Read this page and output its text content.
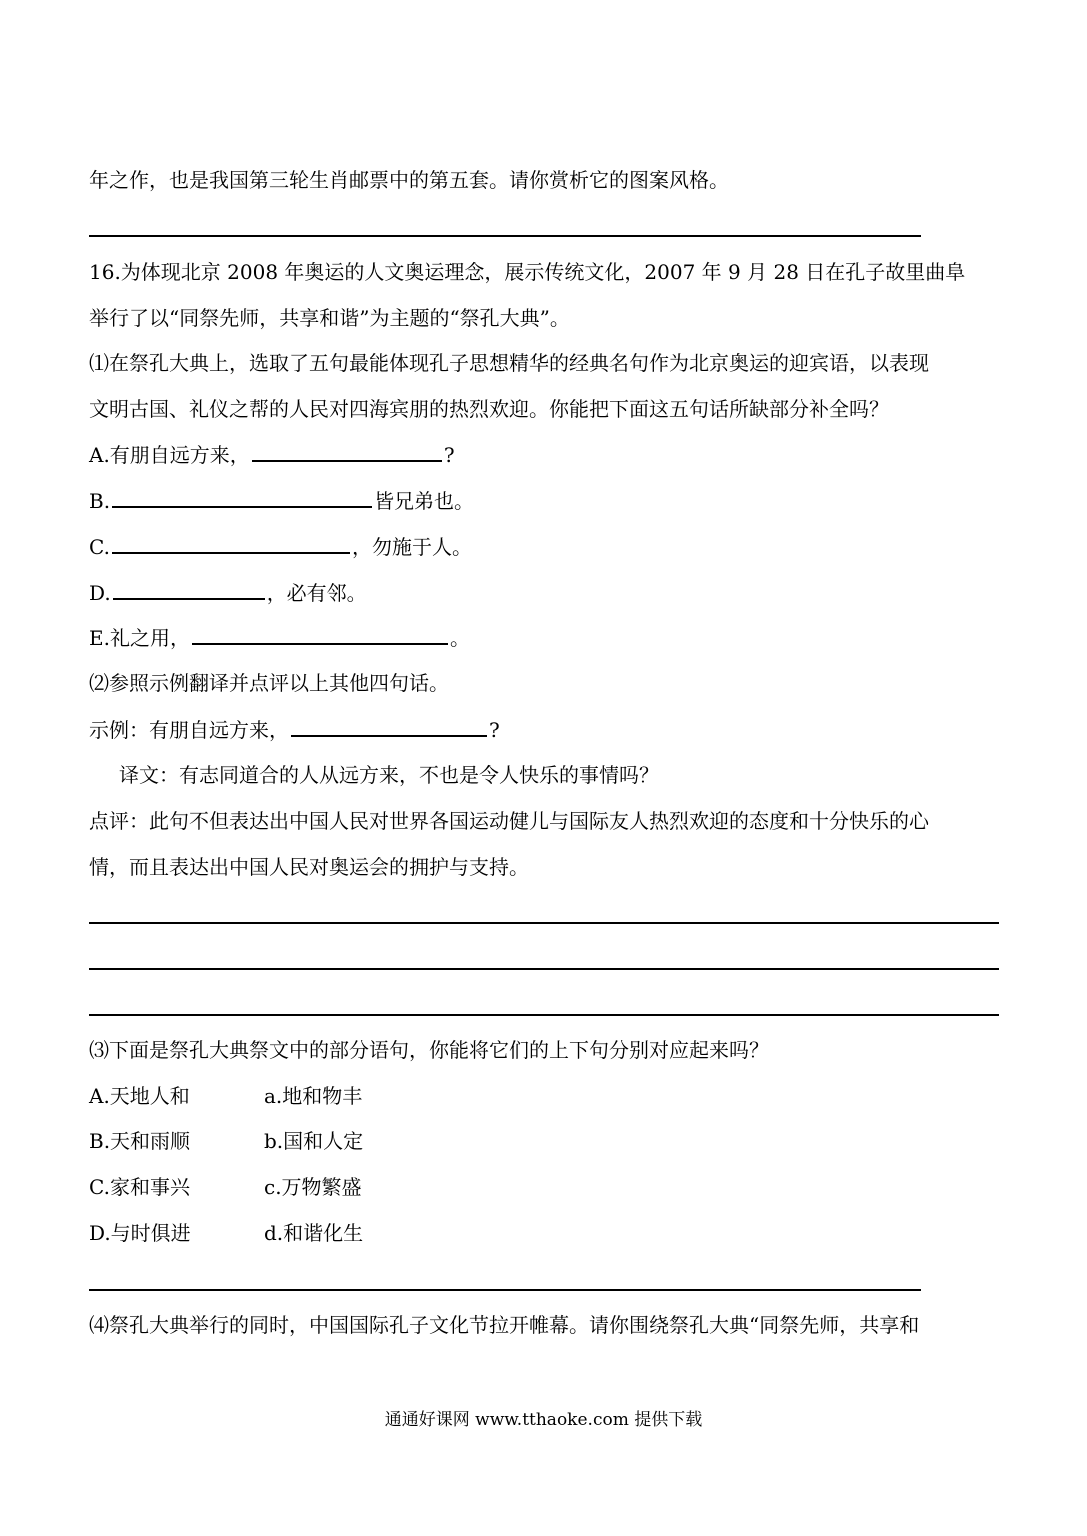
年之作，也是我国第三轮生肖邮票中的第五套。请你赏析它的图案风格。
16.为体现北京 2008 年奥运的人文奥运理念，展示传统文化，2007 年 9 月 28 日在孔子故里曲阜
举行了以“同祭先师，共享和谐”为主题的“祭孔大典”。
⑴在祭孔大典上，选取了五句最能体现孔子思想精华的经典名句作为北京奥运的迎宾语，以表现
文明古国、礼仪之帮的人民对四海宾朋的热烈欢迎。你能把下面这五句话所缺部分补全吗？
A.有朋自远方来，	?
B.	皆兄弟也。
C.	，勿施于人。
D.	，必有邻。
E.礼之用，	。
⑵参照示例翻译并点评以上其他四句话。
示例：有朋自远方来，	?
译文：有志同道合的人从远方来，不也是令人快乐的事情吗？
点评：此句不但表达出中国人民对世界各国运动健儿与国际友人热烈欢迎的态度和十分快乐的心
情，而且表达出中国人民对奥运会的拥护与支持。
⑶下面是祭孔大典祭文中的部分语句，你能将它们的上下句分别对应起来吗？
A.天地人和	a.地和物丰
B.天和雨顺	b.国和人定
C.家和事兴	c.万物繁盛
D.与时俱进	d.和谐化生
⑷祭孔大典举行的同时，中国国际孔子文化节拉开帷幕。请你围绕祭孔大典“同祭先师，共享和
通通好课网 www.tthaoke.com 提供下载
